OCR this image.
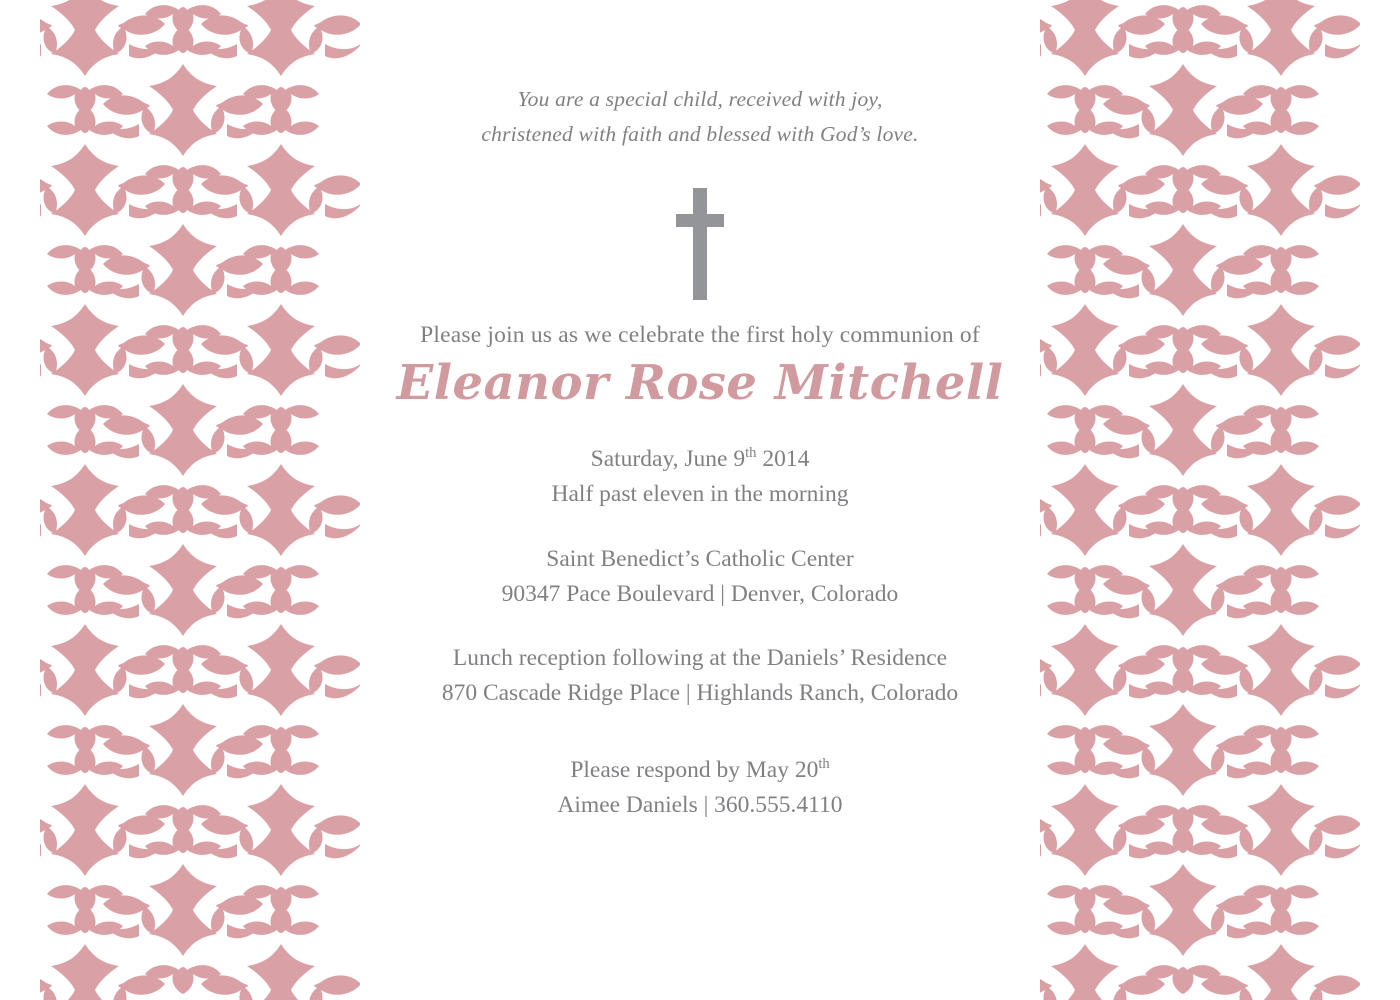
You are a special child, received with joy,
christened with faith and blessed with God’s love.
Please join us as we celebrate the first holy communion of
Eleanor Rose Mitchell
Saturday, June 9th 2014
Half past eleven in the morning
Saint Benedict’s Catholic Center
90347 Pace Boulevard | Denver, Colorado
Lunch reception following at the Daniels’ Residence
870 Cascade Ridge Place | Highlands Ranch, Colorado
Please respond by May 20th
Aimee Daniels | 360.555.4110
